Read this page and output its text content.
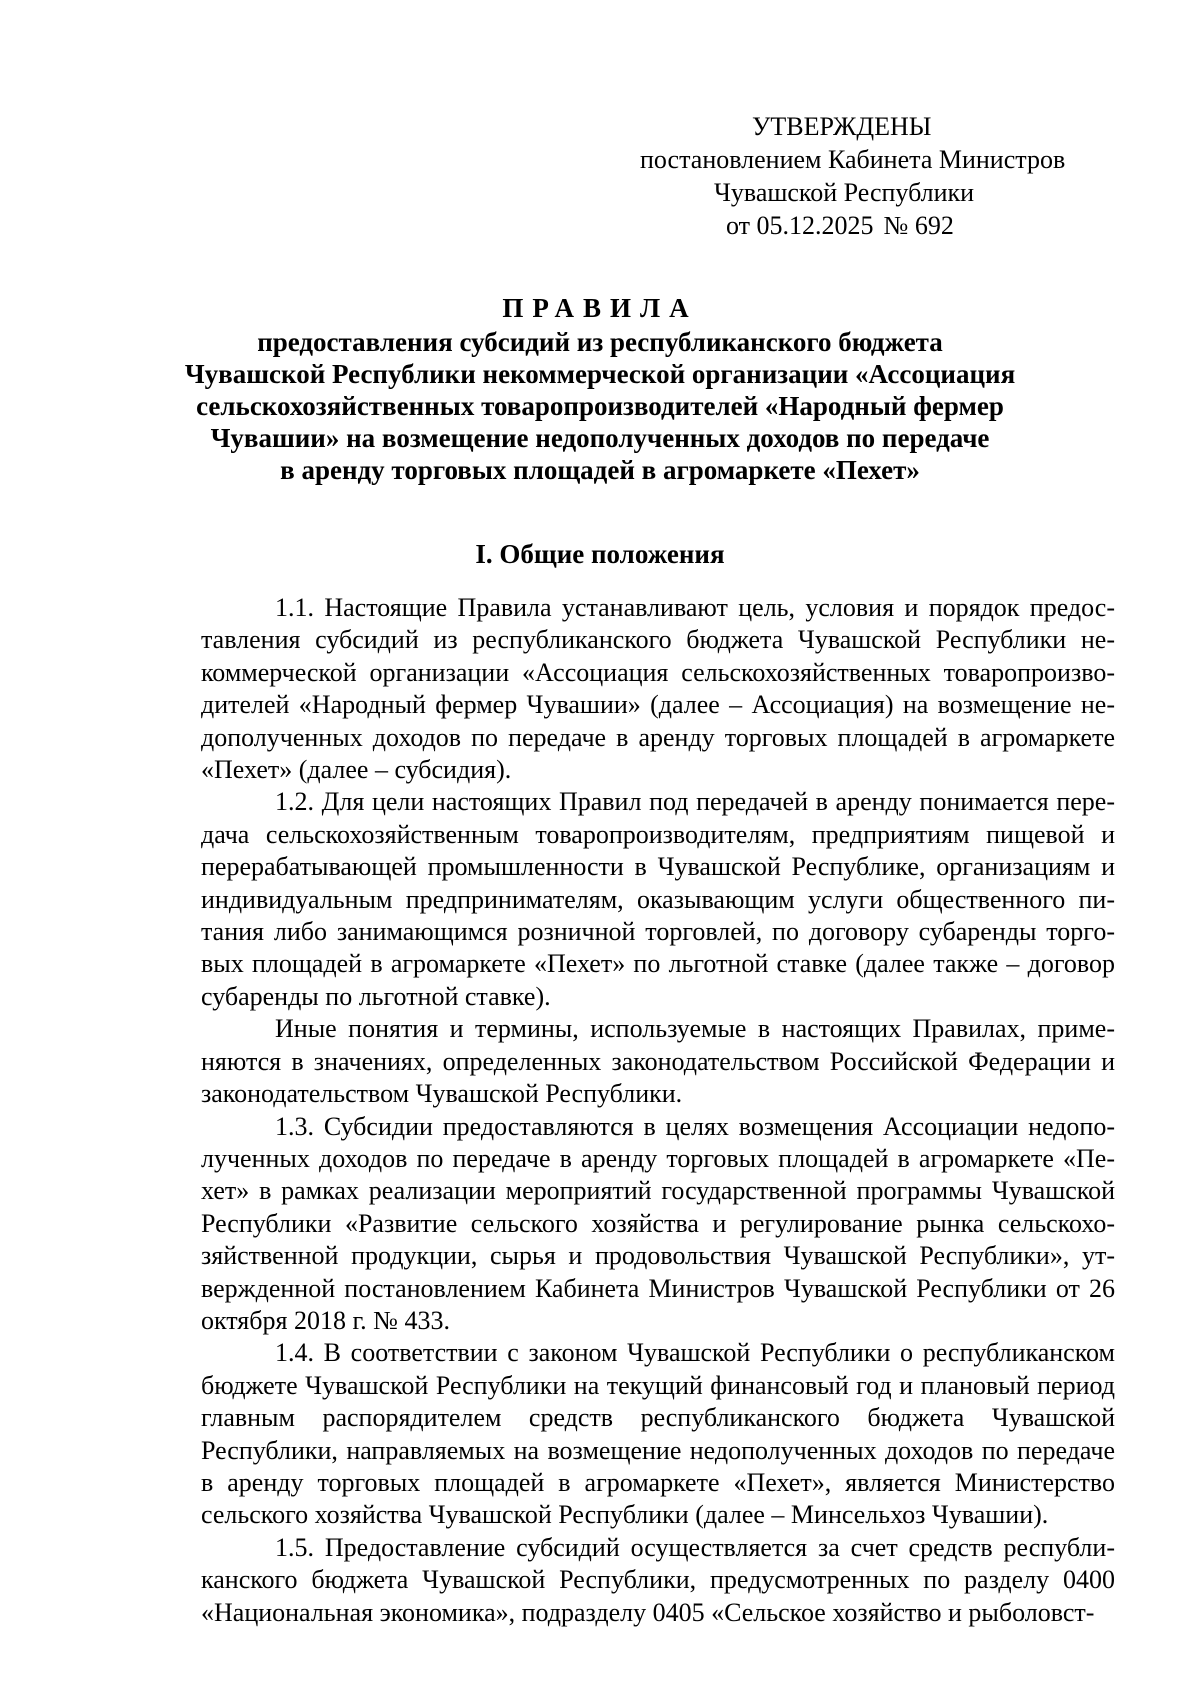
УТВЕРЖДЕНЫ
постановлением Кабинета Министров
Чувашской Республики
от 05.12.2025 № 692
ПРАВИЛА
предоставления субсидий из республиканского бюджета
Чувашской Республики некоммерческой организации «Ассоциация
сельскохозяйственных товаропроизводителей «Народный фермер
Чувашии» на возмещение недополученных доходов по передаче
в аренду торговых площадей в агромаркете «Пехет»
I. Общие положения

1.1. Настоящие Правила устанавливают цель, условия и порядок предоставления субсидий из республиканского бюджета Чувашской Республики некоммерческой организации «Ассоциация сельскохозяйственных товаропроизводителей «Народный фермер Чувашии» (далее – Ассоциация) на возмещение недополученных доходов по передаче в аренду торговых площадей в агромаркете «Пехет» (далее – субсидия).

1.2. Для цели настоящих Правил под передачей в аренду понимается передача сельскохозяйственным товаропроизводителям, предприятиям пищевой и перерабатывающей промышленности в Чувашской Республике, организациям и индивидуальным предпринимателям, оказывающим услуги общественного питания либо занимающимся розничной торговлей, по договору субаренды торговых площадей в агромаркете «Пехет» по льготной ставке (далее также – договор субаренды по льготной ставке).

Иные понятия и термины, используемые в настоящих Правилах, применяются в значениях, определенных законодательством Российской Федерации и законодательством Чувашской Республики.

1.3. Субсидии предоставляются в целях возмещения Ассоциации недополученных доходов по передаче в аренду торговых площадей в агромаркете «Пехет» в рамках реализации мероприятий государственной программы Чувашской Республики «Развитие сельского хозяйства и регулирование рынка сельскохозяйственной продукции, сырья и продовольствия Чувашской Республики», утвержденной постановлением Кабинета Министров Чувашской Республики от 26 октября 2018 г. № 433.

1.4. В соответствии с законом Чувашской Республики о республиканском бюджете Чувашской Республики на текущий финансовый год и плановый период главным распорядителем средств республиканского бюджета Чувашской Республики, направляемых на возмещение недополученных доходов по передаче в аренду торговых площадей в агромаркете «Пехет», является Министерство сельского хозяйства Чувашской Республики (далее – Минсельхоз Чувашии).

1.5. Предоставление субсидий осуществляется за счет средств республиканского бюджета Чувашской Республики, предусмотренных по разделу 0400 «Национальная экономика», подразделу 0405 «Сельское хозяйство и рыболовст-
